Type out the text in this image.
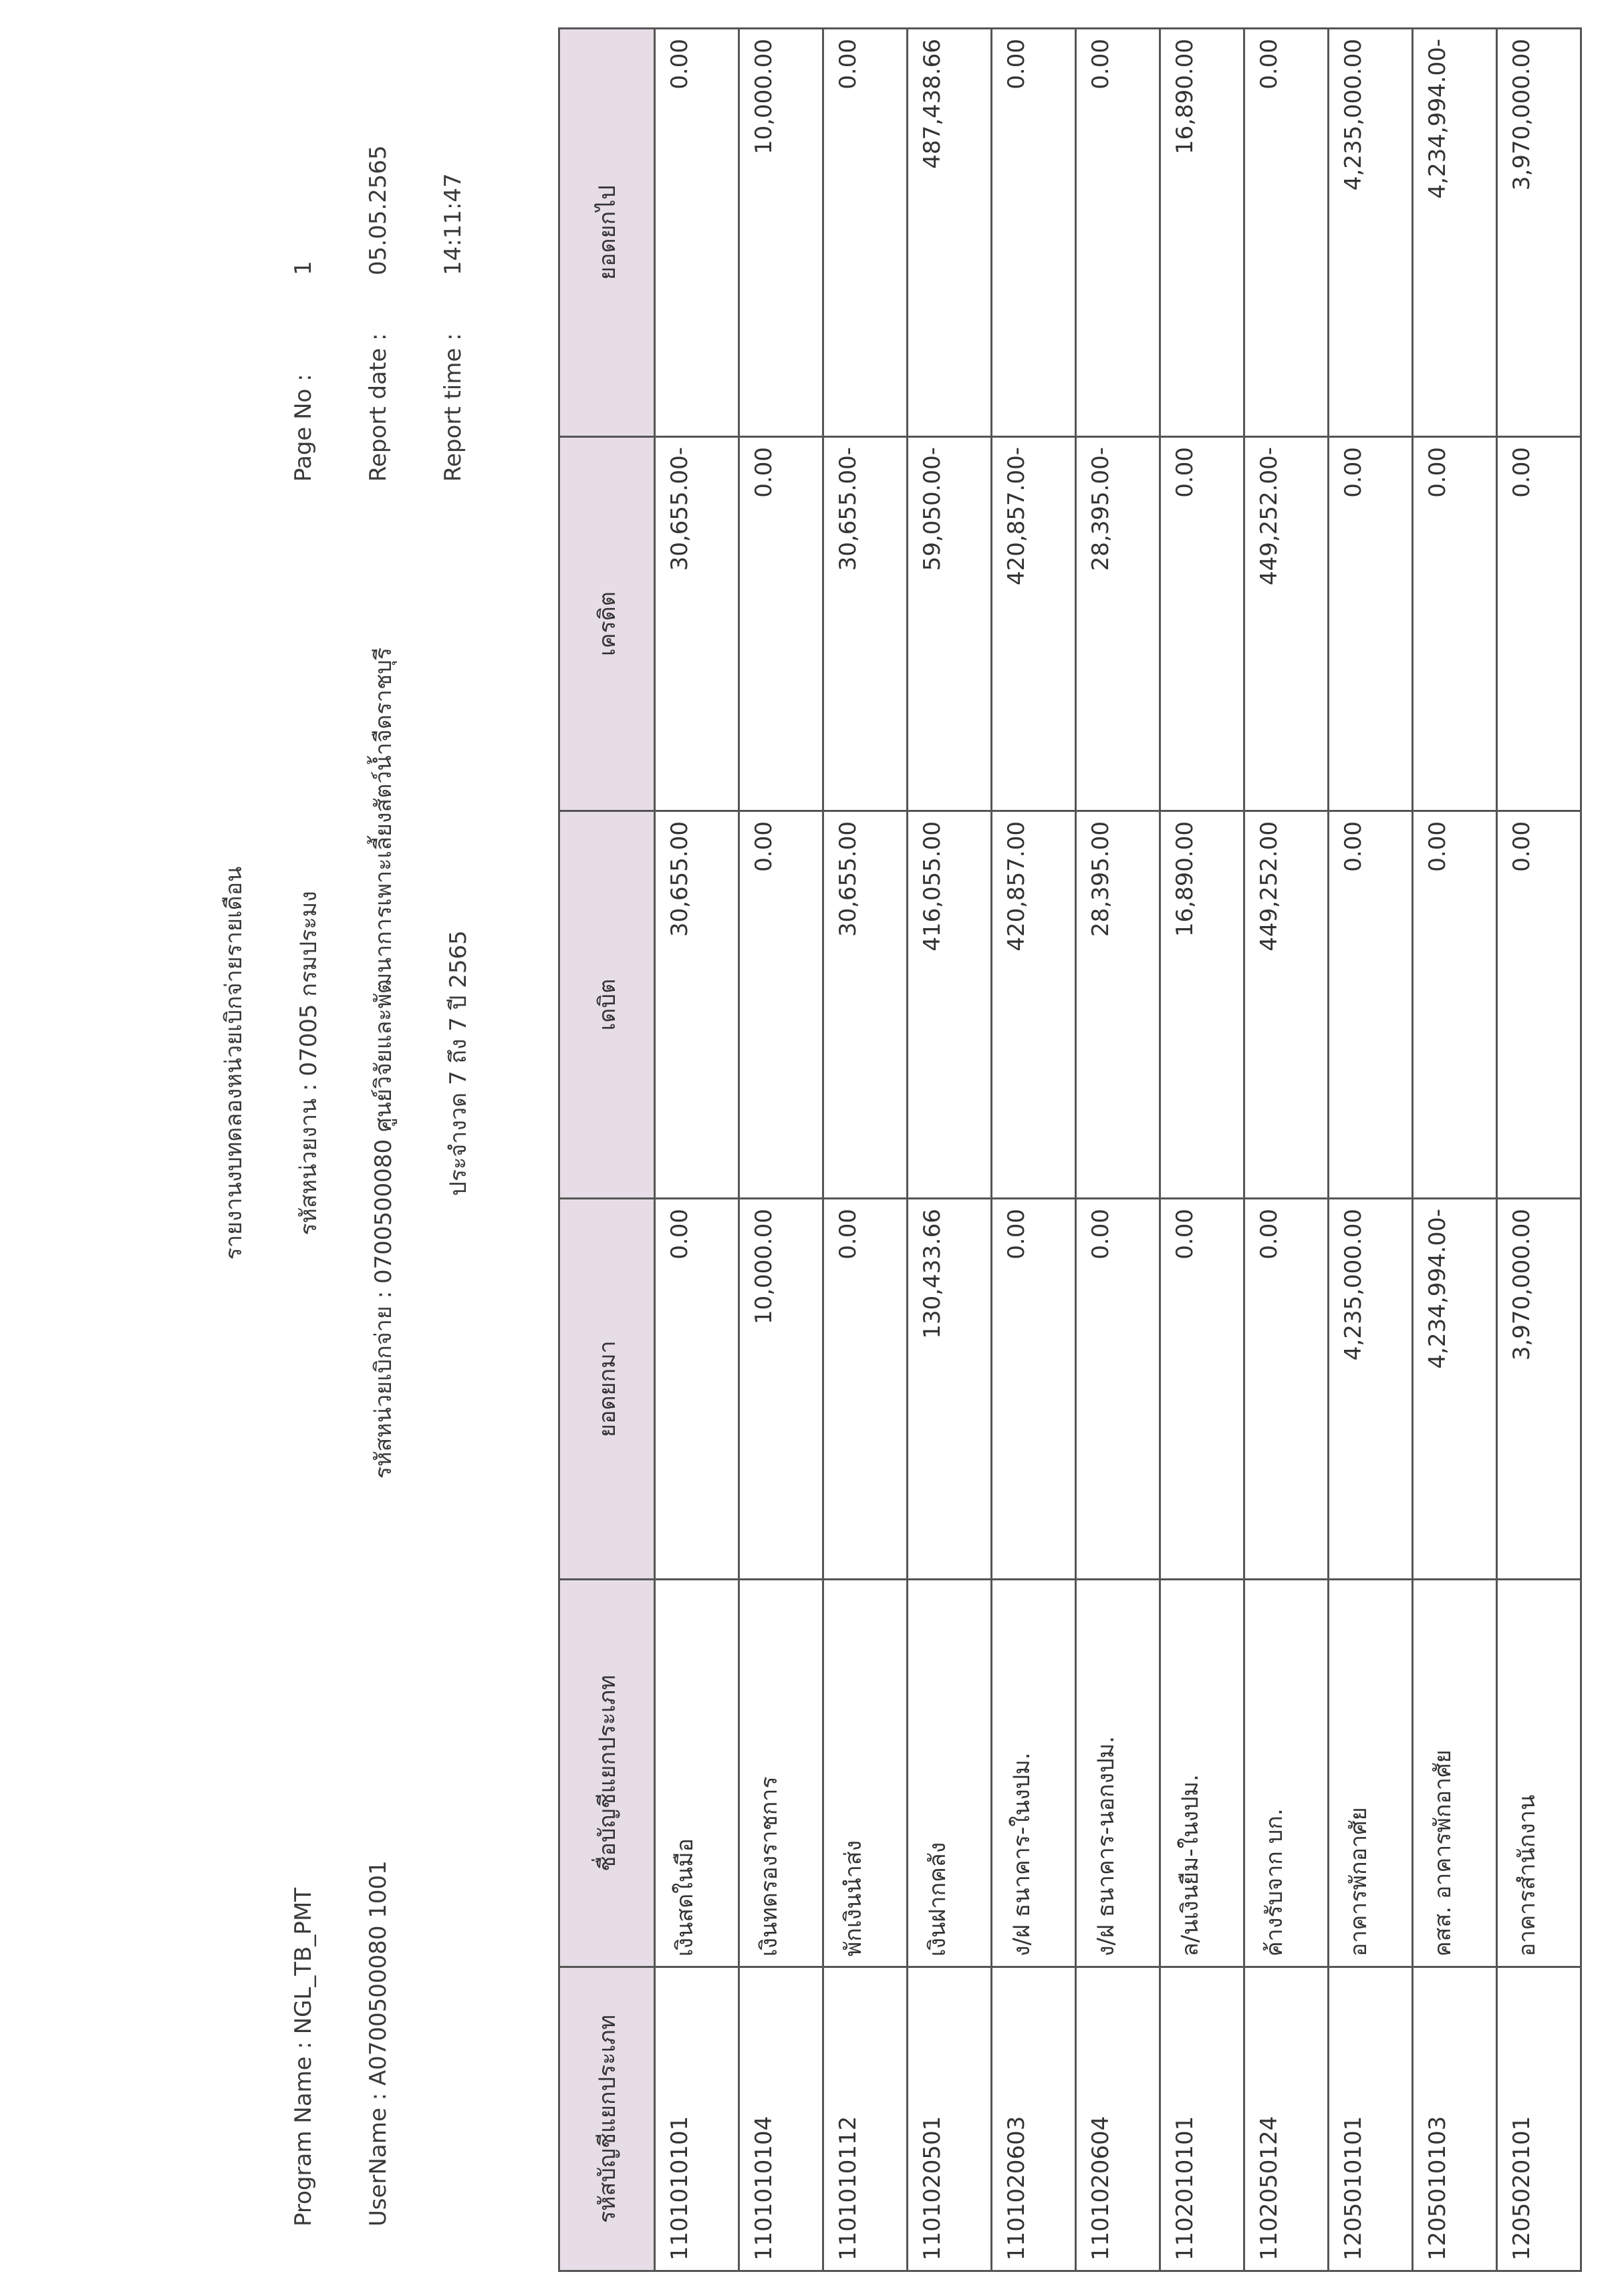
รายงานงบทดลองหน่วยเบิกจ่ายรายเดือน รหัสหน่วยงาน : 07005 กรมประมง รหัสหน่วยเบิกจ่าย : 0700500080 ศูนย์วิจัยและพัฒนาการเพาะเลี้ยงสัตว์น้ำจืดราชบุรี ประจำงวด 7 ถึง 7 ปี 2565
Program Name : NGL_TB_PMT UserName : A0700500080 1001
Page No :
1
Report date :
05.05.2565
Report time :
14:11:47
รหัสบัญชีแยกประเภท	ชื่อบัญชีแยกประเภท	ยอดยกมา	เดบิต	เครดิต	ยอดยกไป
1101010101	เงินสดในมือ	0.00	30,655.00	30,655.00-	0.00
1101010104	เงินทดรองราชการ	10,000.00	0.00	0.00	10,000.00
1101010112	พักเงินนำส่ง	0.00	30,655.00	30,655.00-	0.00
1101020501	เงินฝากคลัง	130,433.66	416,055.00	59,050.00-	487,438.66
1101020603	ง/ฝ ธนาคาร-ในงปม.	0.00	420,857.00	420,857.00-	0.00
1101020604	ง/ฝ ธนาคาร-นอกงปม.	0.00	28,395.00	28,395.00-	0.00
1102010101	ล/นเงินยืม-ในงปม.	0.00	16,890.00	0.00	16,890.00
1102050124	ค้างรับจาก บก.	0.00	449,252.00	449,252.00-	0.00
1205010101	อาคารพักอาศัย	4,235,000.00	0.00	0.00	4,235,000.00
1205010103	คสส. อาคารพักอาศัย	4,234,994.00-	0.00	0.00	4,234,994.00-
1205020101	อาคารสำนักงาน	3,970,000.00	0.00	0.00	3,970,000.00
